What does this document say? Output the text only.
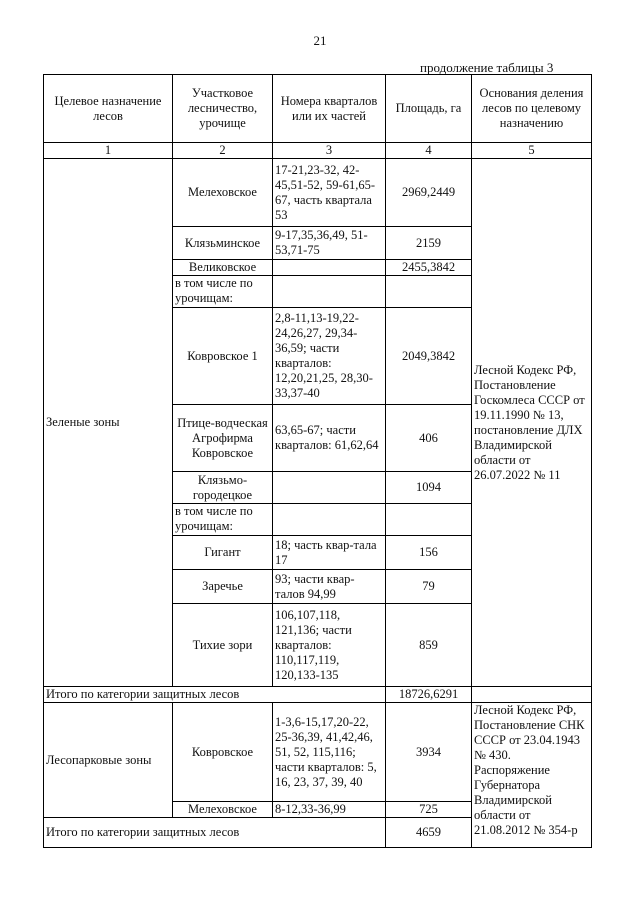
21
продолжение таблицы 3
Целевое назначение лесов	Участковое лесничество, урочище	Номера кварталов или их частей	Площадь, га	Основания деления лесов по целевому назначению
1	2	3	4	5
Зеленые зоны	Мелеховское	17-21,23-32, 42-45,51-52, 59-61,65-67, часть квартала 53	2969,2449	Лесной Кодекс РФ, Постановление Госкомлеса СССР от 19.11.1990 № 13, постановление ДЛХ Владимирской области от 26.07.2022 № 11
	Клязьминское	9-17,35,36,49, 51-53,71-75	2159	
	Великовское		2455,3842	
	в том числе по урочищам:			
	Ковровское 1	2,8-11,13-19,22-24,26,27, 29,34-36,59; части кварталов: 12,20,21,25, 28,30-33,37-40	2049,3842	
	Птице-водческая Агрофирма Ковровское	63,65-67; части кварталов: 61,62,64	406	
	Клязьмо-городецкое		1094	
	в том числе по урочищам:			
	Гигант	18; часть квар-тала 17	156	
	Заречье	93; части квар-талов 94,99	79	
	Тихие зори	106,107,118, 121,136; части кварталов: 110,117,119, 120,133-135	859	
Итого по категории защитных лесов			18726,6291	
Лесопарковые зоны	Ковровское	1-3,6-15,17,20-22, 25-36,39, 41,42,46, 51, 52, 115,116; части кварталов: 5, 16, 23, 37, 39, 40	3934	Лесной Кодекс РФ, Постановление СНК СССР от 23.04.1943 № 430. Распоряжение Губернатора Владимирской области от 21.08.2012 № 354-р
	Мелеховское	8-12,33-36,99	725	
Итого по категории защитных лесов			4659	
